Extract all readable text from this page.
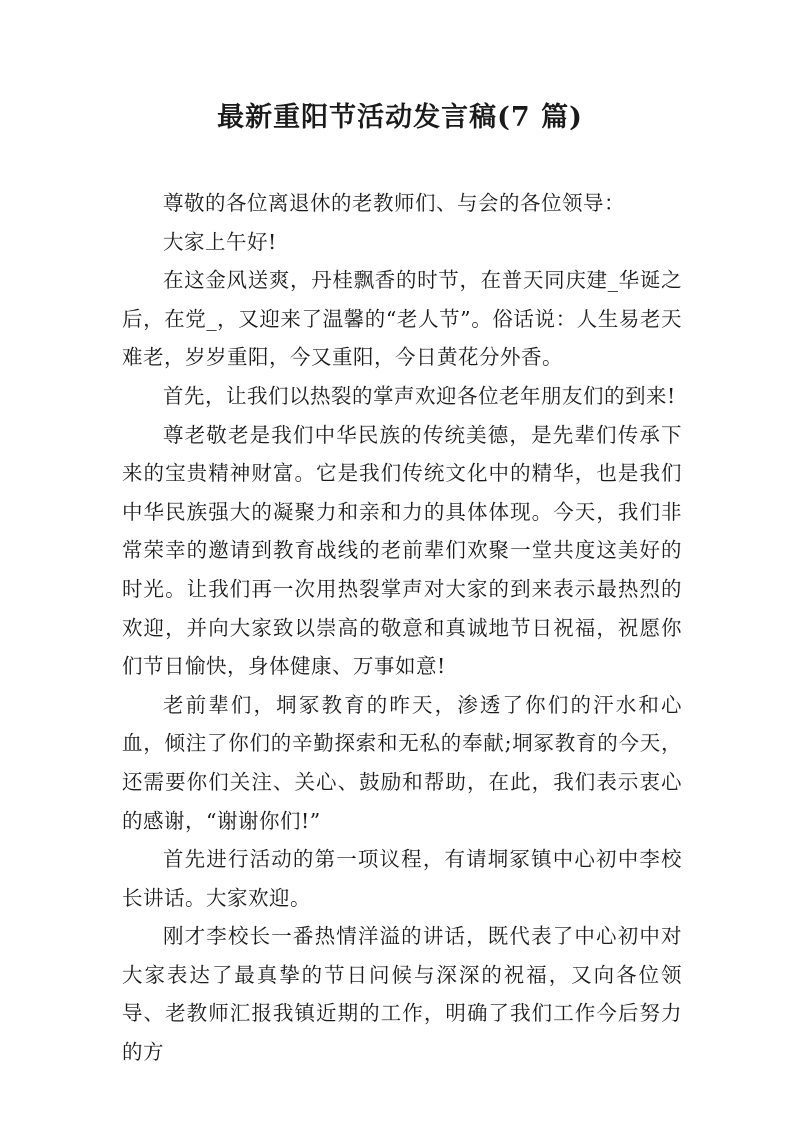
最新重阳节活动发言稿(7 篇)

尊敬的各位离退休的老教师们、与会的各位领导：

大家上午好!

在这金风送爽，丹桂飘香的时节，在普天同庆建_华诞之后，在党_，又迎来了温馨的“老人节”。俗话说：人生易老天难老，岁岁重阳，今又重阳，今日黄花分外香。

首先，让我们以热裂的掌声欢迎各位老年朋友们的到来!

尊老敬老是我们中华民族的传统美德，是先辈们传承下来的宝贵精神财富。它是我们传统文化中的精华，也是我们中华民族强大的凝聚力和亲和力的具体体现。今天，我们非常荣幸的邀请到教育战线的老前辈们欢聚一堂共度这美好的时光。让我们再一次用热裂掌声对大家的到来表示最热烈的欢迎，并向大家致以崇高的敬意和真诚地节日祝福，祝愿你们节日愉快，身体健康、万事如意!

老前辈们，垌冢教育的昨天，渗透了你们的汗水和心血，倾注了你们的辛勤探索和无私的奉献;垌冢教育的今天，还需要你们关注、关心、鼓励和帮助，在此，我们表示衷心的感谢，“谢谢你们!”

首先进行活动的第一项议程，有请垌冢镇中心初中李校长讲话。大家欢迎。

刚才李校长一番热情洋溢的讲话，既代表了中心初中对大家表达了最真挚的节日问候与深深的祝福，又向各位领导、老教师汇报我镇近期的工作，明确了我们工作今后努力的方
